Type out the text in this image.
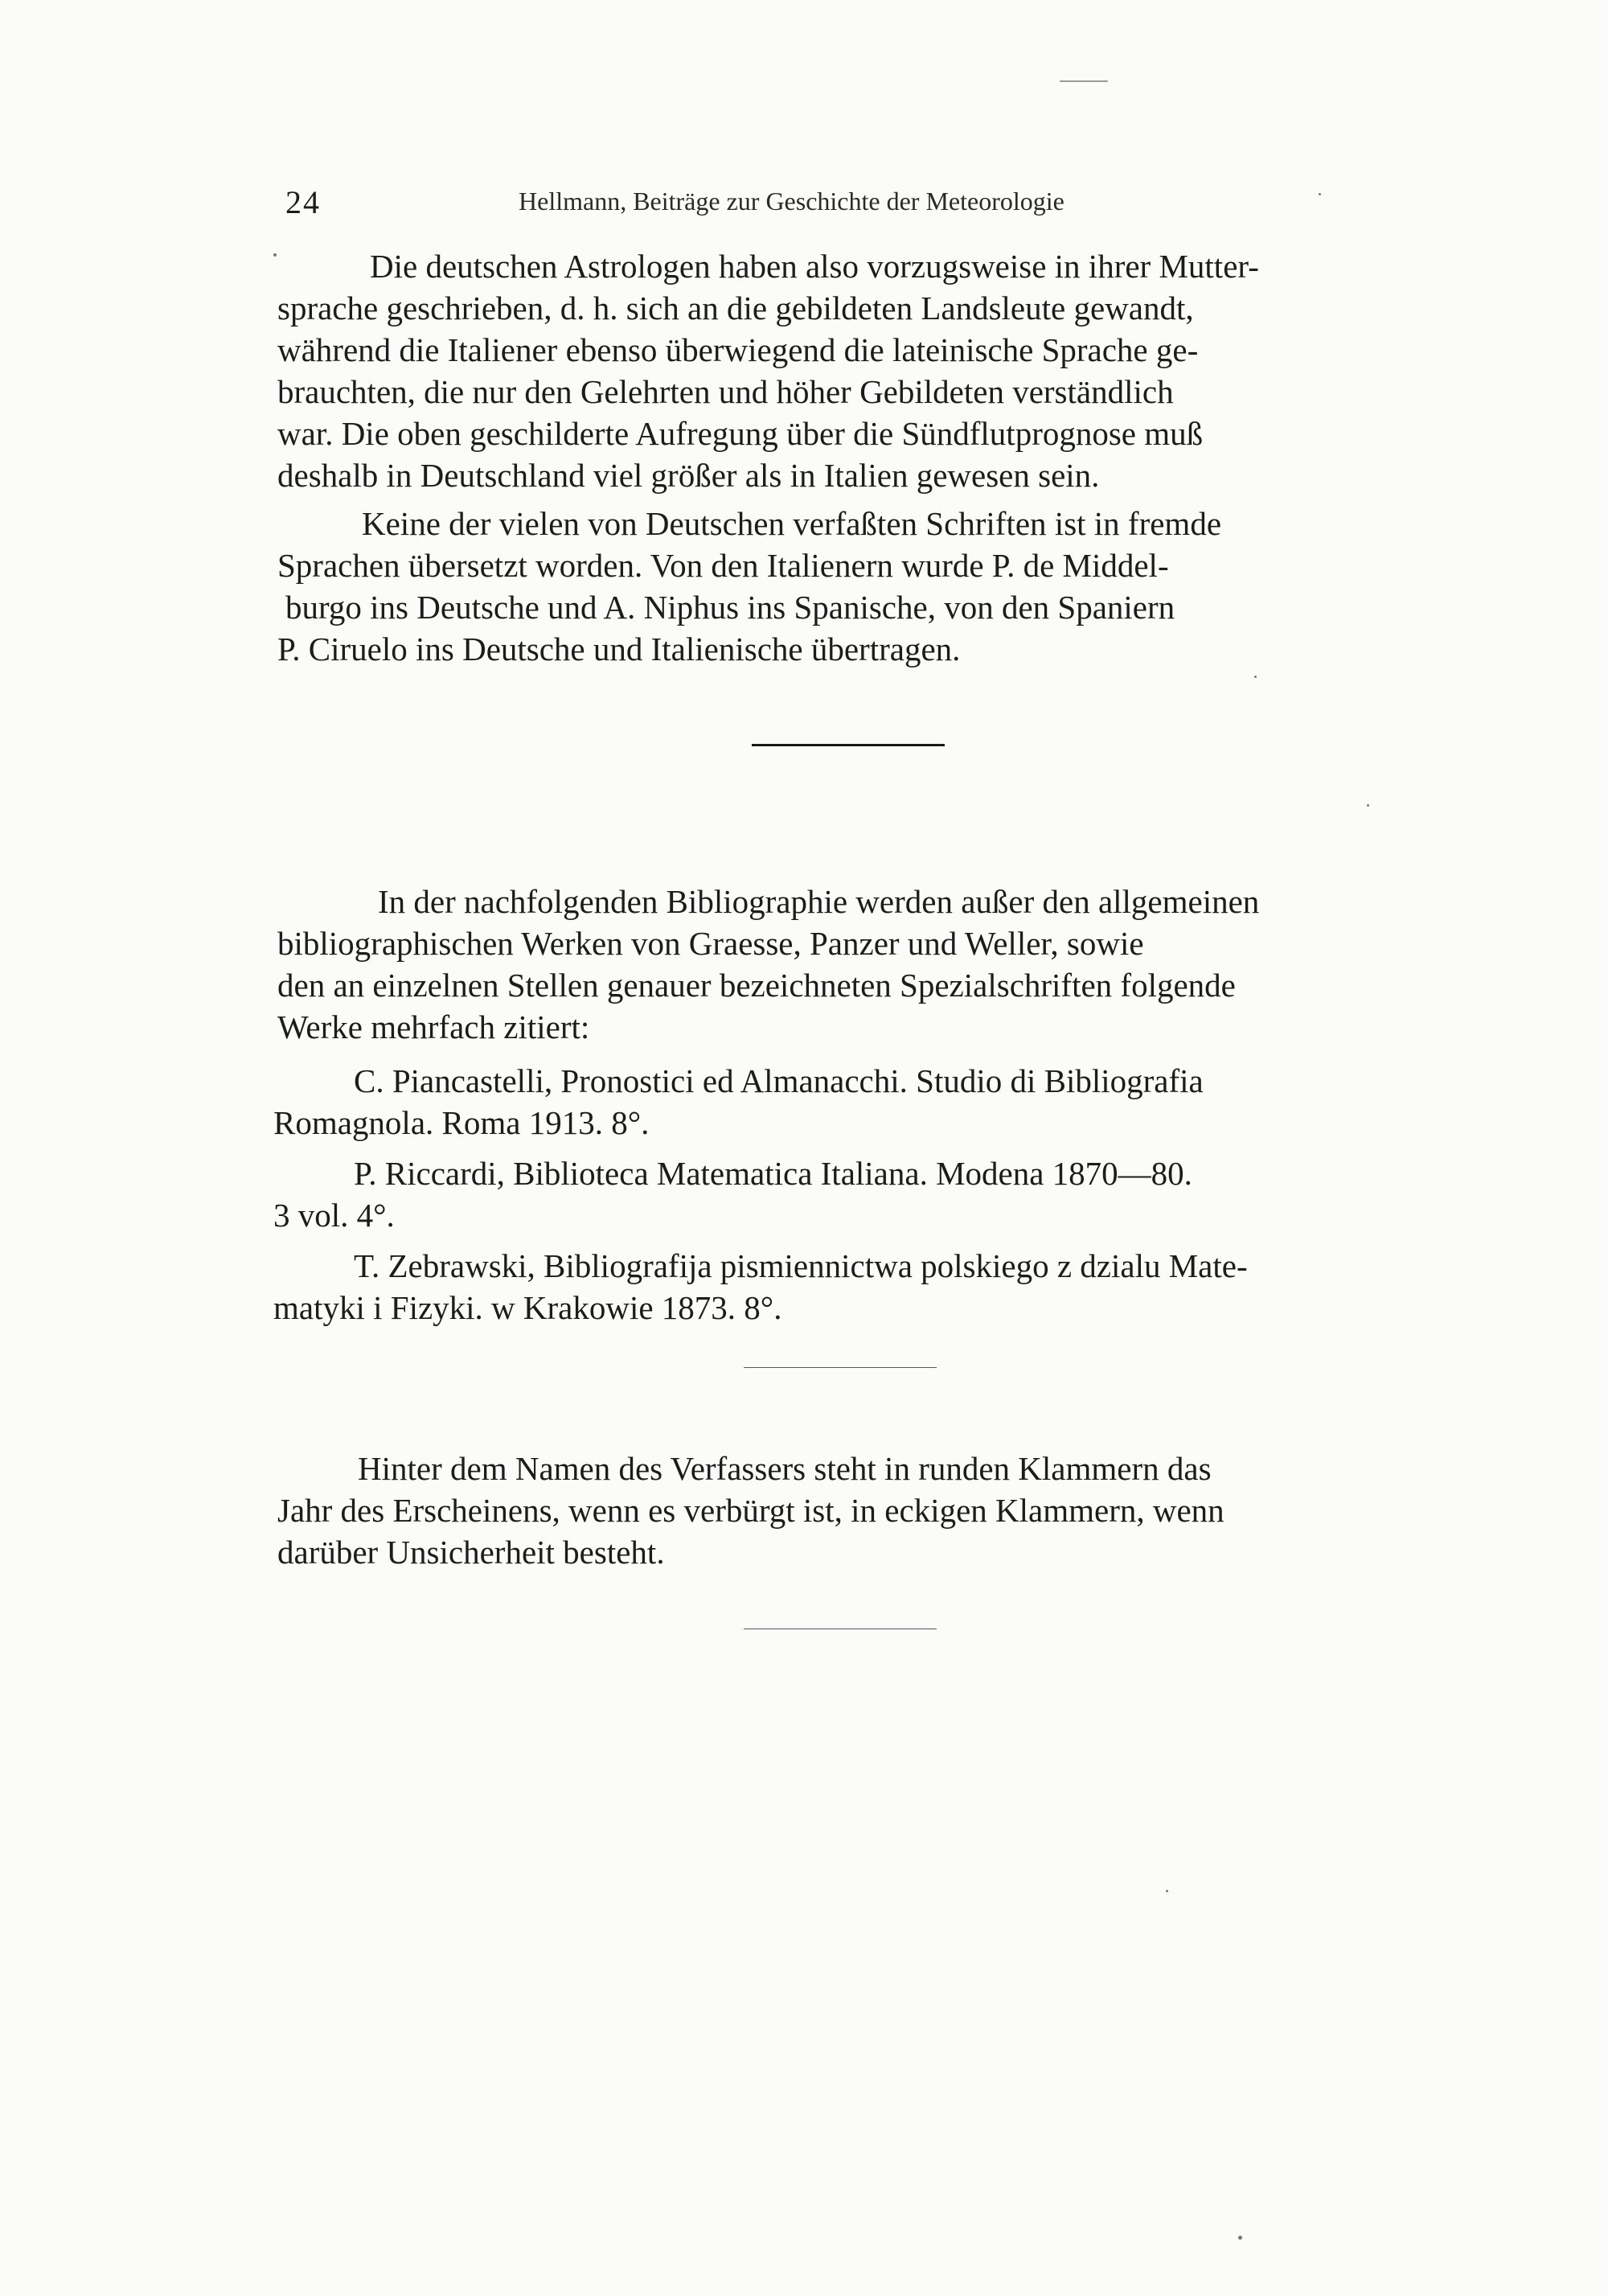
24	Hellmann, Beiträge zur Geschichte der Meteorologie
Die deutschen Astrologen haben also vorzugsweise in ihrer Mutter-
sprache geschrieben, d. h. sich an die gebildeten Landsleute gewandt,
während die Italiener ebenso überwiegend die lateinische Sprache ge-
brauchten, die nur den Gelehrten und höher Gebildeten verständlich
war. Die oben geschilderte Aufregung über die Sündflutprognose muß
deshalb in Deutschland viel größer als in Italien gewesen sein.
Keine der vielen von Deutschen verfaßten Schriften ist in fremde
Sprachen übersetzt worden. Von den Italienern wurde P. de Middel-
burgo ins Deutsche und A. Niphus ins Spanische, von den Spaniern
P. Ciruelo ins Deutsche und Italienische übertragen.
In der nachfolgenden Bibliographie werden außer den allgemeinen
bibliographischen Werken von Graesse, Panzer und Weller, sowie
den an einzelnen Stellen genauer bezeichneten Spezialschriften folgende
Werke mehrfach zitiert:
C. Piancastelli, Pronostici ed Almanacchi. Studio di Bibliografia
Romagnola. Roma 1913. 8°.
P. Riccardi, Biblioteca Matematica Italiana. Modena 1870—80.
3 vol. 4°.
T. Zebrawski, Bibliografija pismiennictwa polskiego z dzialu Mate-
matyki i Fizyki. w Krakowie 1873. 8°.
Hinter dem Namen des Verfassers steht in runden Klammern das
Jahr des Erscheinens, wenn es verbürgt ist, in eckigen Klammern, wenn
darüber Unsicherheit besteht.
